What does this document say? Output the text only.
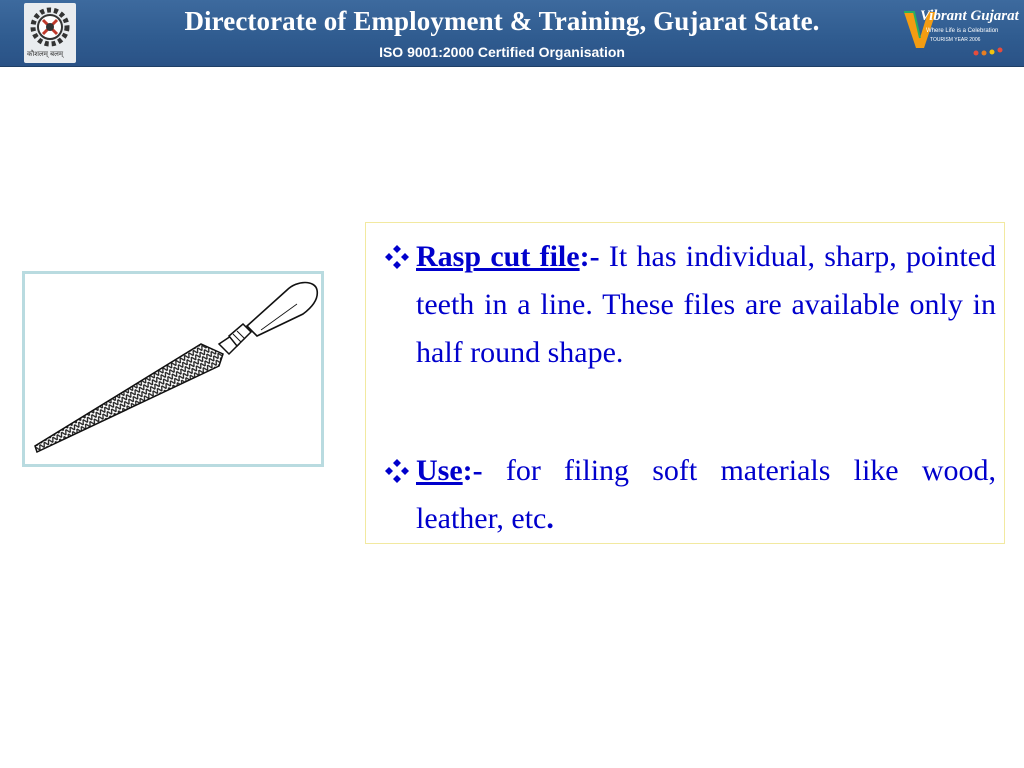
कौशलम् बलम्
Directorate of Employment & Training, Gujarat State.
ISO 9001:2000 Certified Organisation
Vibrant Gujarat
Where Life is a Celebration
TOURISM YEAR 2006
Rasp cut file:- It has individual, sharp, pointed teeth in a line. These files are available only in half round shape.
Use:- for filing soft materials like wood, leather, etc.
